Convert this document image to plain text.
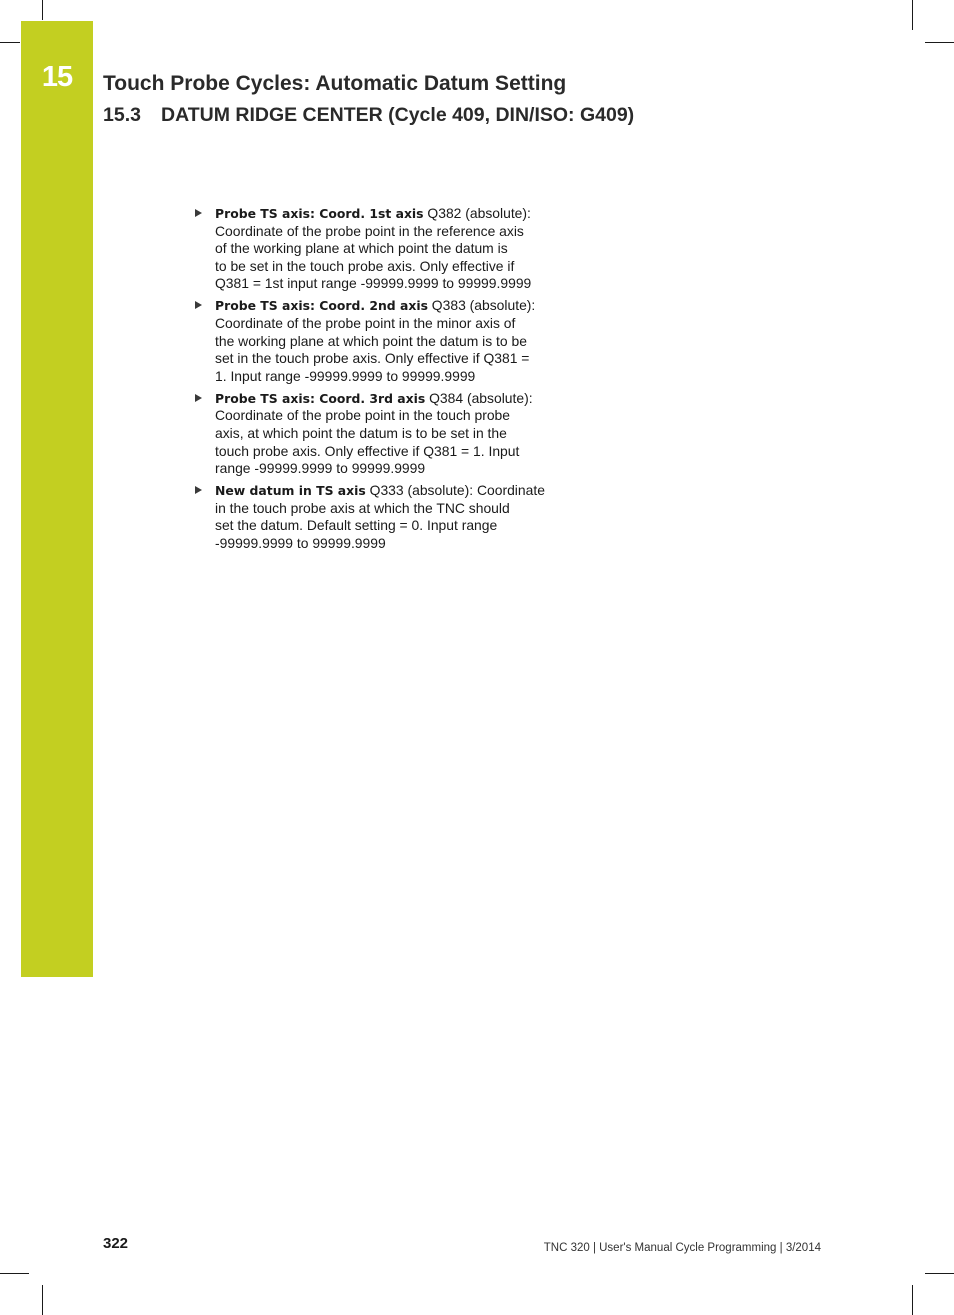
15	Touch Probe Cycles: Automatic Datum Setting
15.3 DATUM RIDGE CENTER (Cycle 409, DIN/ISO: G409)
Probe TS axis: Coord. 1st axis Q382 (absolute):
Coordinate of the probe point in the reference axis
of the working plane at which point the datum is
to be set in the touch probe axis. Only effective if
Q381 = 1st input range -99999.9999 to 99999.9999
Probe TS axis: Coord. 2nd axis Q383 (absolute):
Coordinate of the probe point in the minor axis of
the working plane at which point the datum is to be
set in the touch probe axis. Only effective if Q381 =
1. Input range -99999.9999 to 99999.9999
Probe TS axis: Coord. 3rd axis Q384 (absolute):
Coordinate of the probe point in the touch probe
axis, at which point the datum is to be set in the
touch probe axis. Only effective if Q381 = 1. Input
range -99999.9999 to 99999.9999
New datum in TS axis Q333 (absolute): Coordinate
in the touch probe axis at which the TNC should
set the datum. Default setting = 0. Input range
-99999.9999 to 99999.9999
322	TNC 320 | User's Manual Cycle Programming | 3/2014
